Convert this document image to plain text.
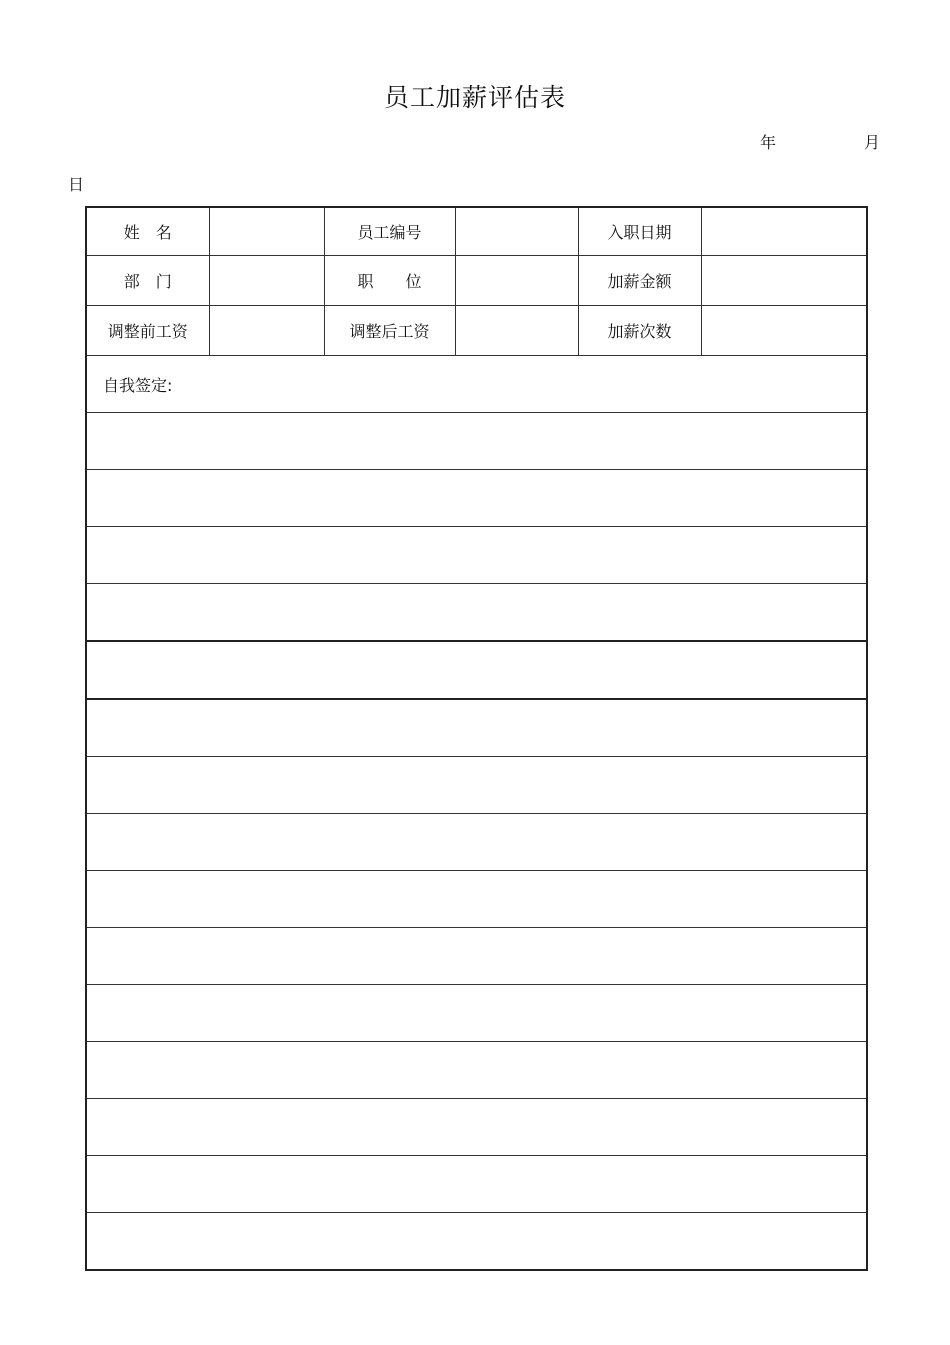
员工加薪评估表
年	月
日
姓　名		员工编号		入职日期	
部　门		职　　位		加薪金额	
调整前工资		调整后工资		加薪次数	
自我签定:					
